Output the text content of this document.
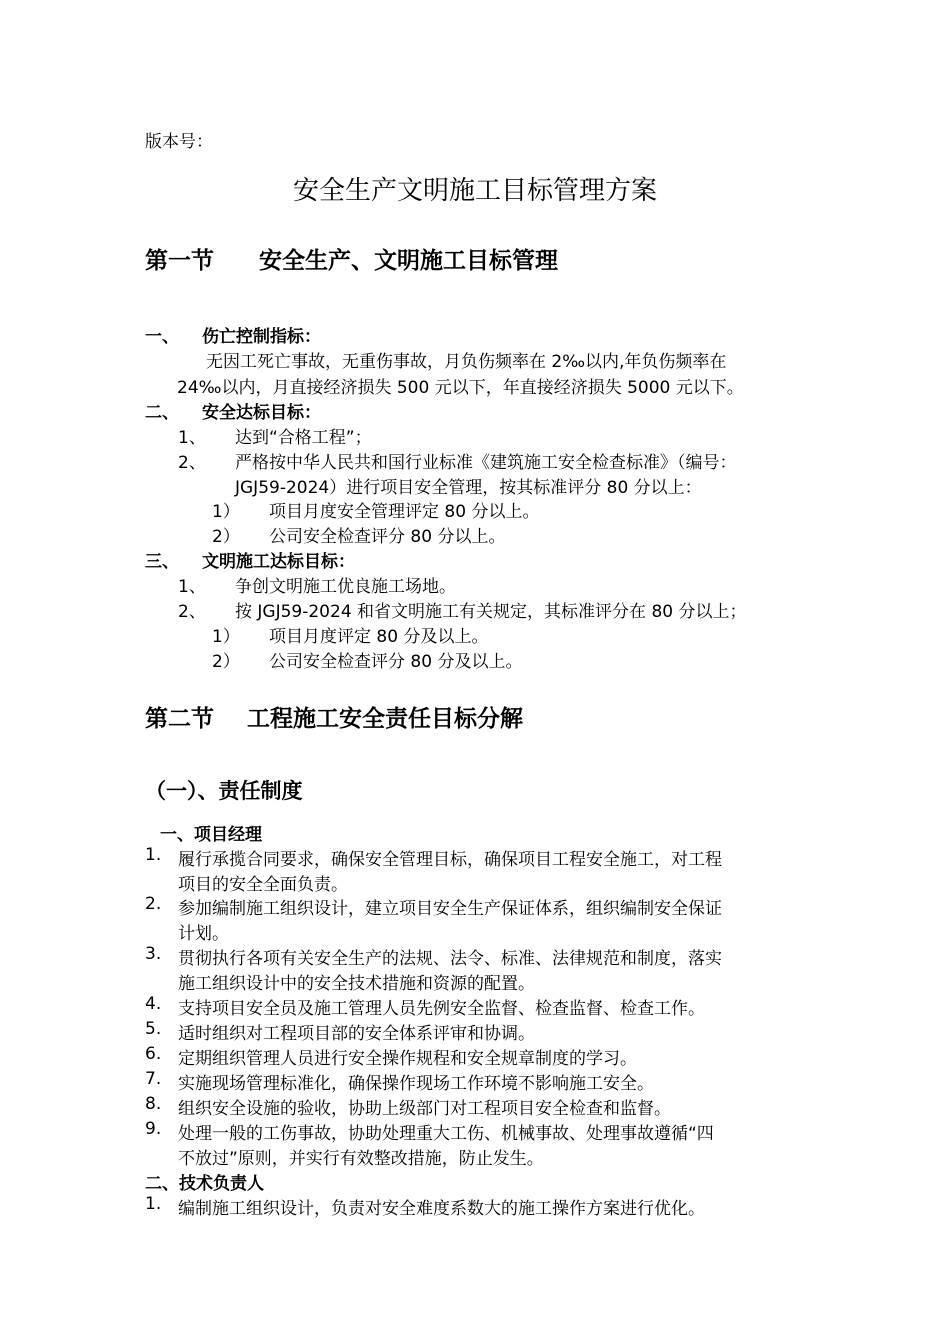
版本号：
安全生产文明施工目标管理方案
第一节 安全生产、文明施工目标管理
一、 伤亡控制指标：
无因工死亡事故，无重伤事故，月负伤频率在 2‰以内,年负伤频率在
24‰以内，月直接经济损失 500 元以下，年直接经济损失 5000 元以下。
二、 安全达标目标：
1、 达到“合格工程”；
2、 严格按中华人民共和国行业标准《建筑施工安全检查标准》（编号：
JGJ59-2024）进行项目安全管理，按其标准评分 80 分以上：
1） 项目月度安全管理评定 80 分以上。
2） 公司安全检查评分 80 分以上。
三、 文明施工达标目标：
1、 争创文明施工优良施工场地。
2、 按 JGJ59-2024 和省文明施工有关规定，其标准评分在 80 分以上；
1） 项目月度评定 80 分及以上。
2） 公司安全检查评分 80 分及以上。
第二节 工程施工安全责任目标分解
（一）、责任制度
一、项目经理
1. 履行承揽合同要求，确保安全管理目标，确保项目工程安全施工，对工程
项目的安全全面负责。
2. 参加编制施工组织设计，建立项目安全生产保证体系，组织编制安全保证
计划。
3. 贯彻执行各项有关安全生产的法规、法令、标准、法律规范和制度，落实
施工组织设计中的安全技术措施和资源的配置。
4. 支持项目安全员及施工管理人员先例安全监督、检查监督、检查工作。
5. 适时组织对工程项目部的安全体系评审和协调。
6. 定期组织管理人员进行安全操作规程和安全规章制度的学习。
7. 实施现场管理标准化，确保操作现场工作环境不影响施工安全。
8. 组织安全设施的验收，协助上级部门对工程项目安全检查和监督。
9. 处理一般的工伤事故，协助处理重大工伤、机械事故、处理事故遵循“四
不放过”原则，并实行有效整改措施，防止发生。
二、技术负责人
1. 编制施工组织设计，负责对安全难度系数大的施工操作方案进行优化。
